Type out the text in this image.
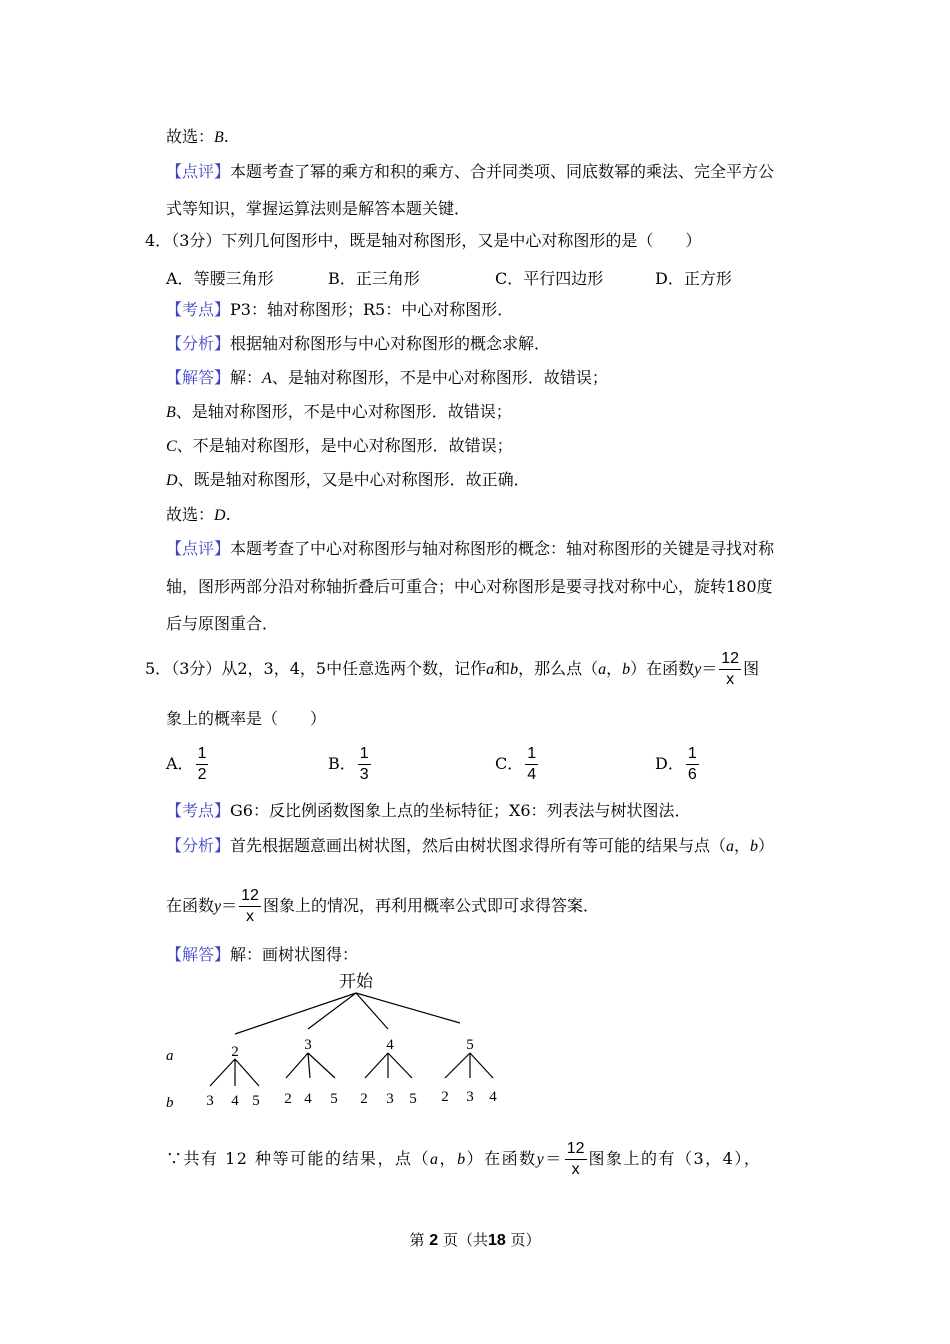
故选：B.
【点评】本题考查了幂的乘方和积的乘方、合并同类项、同底数幂的乘法、完全平方公
式等知识，掌握运算法则是解答本题关键．
4．（3分）下列几何图形中，既是轴对称图形，又是中心对称图形的是（　　）
A．等腰三角形	B．正三角形	C．平行四边形	D．正方形
【考点】P3：轴对称图形；R5：中心对称图形．
【分析】根据轴对称图形与中心对称图形的概念求解．
【解答】解：A、是轴对称图形，不是中心对称图形．故错误；
B、是轴对称图形，不是中心对称图形．故错误；
C、不是轴对称图形，是中心对称图形．故错误；
D、既是轴对称图形，又是中心对称图形．故正确．
故选：D.
【点评】本题考查了中心对称图形与轴对称图形的概念：轴对称图形的关键是寻找对称
轴，图形两部分沿对称轴折叠后可重合；中心对称图形是要寻找对称中心，旋转180度
后与原图重合．
5．（3分）从2，3，4，5中任意选两个数，记作a和b，那么点（a，b）在函数$y= \frac{12}{x}$ 图
象上的概率是（　　）
A． $\frac{1}{2}$	B． $\frac{1}{3}$	C． $\frac{1}{4}$	D． $\frac{1}{6}$
【考点】G6：反比例函数图象上点的坐标特征；X6：列表法与树状图法．
【分析】首先根据题意画出树状图，然后由树状图求得所有等可能的结果与点（a，b）
在函数$y= \frac{12}{x}$ 图象上的情况，再利用概率公式即可求得答案．
【解答】解：画树状图得：
开始
a
b
2	3	4	5
3 4 5 2 4 5 2 3 5 2 3 4
∵共有 12 种等可能的结果，点（a，b）在函数$y= \frac{12}{x}$ 图象上的有（3，4），
第 2 页（共18 页）
